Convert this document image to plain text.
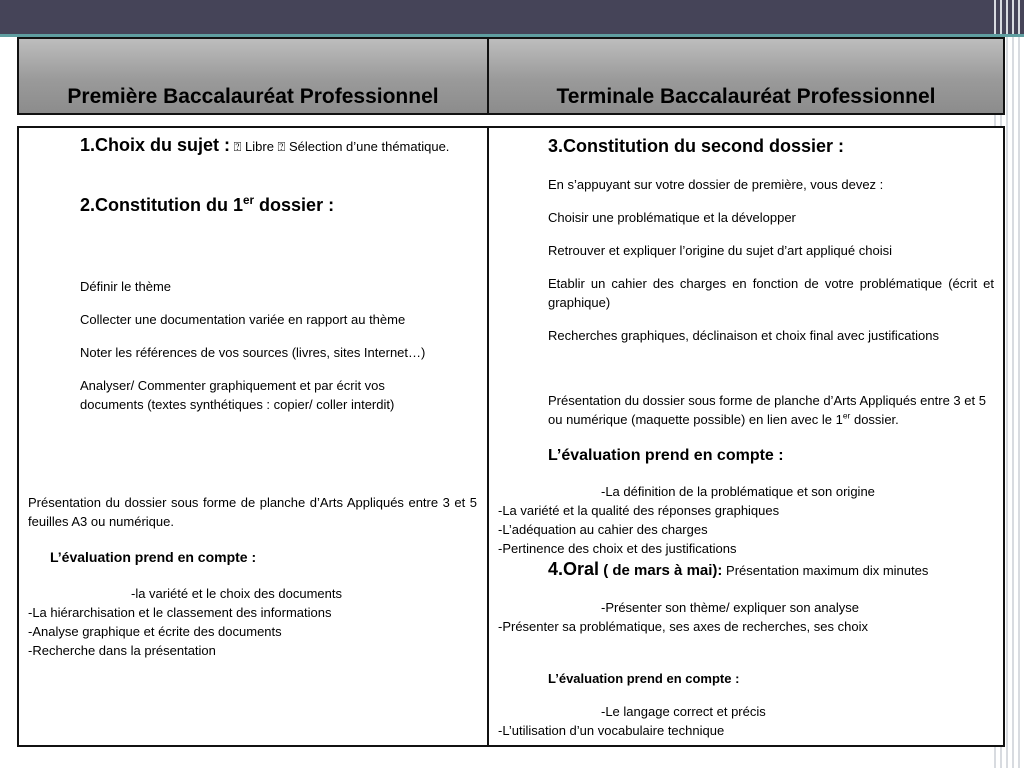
Première Baccalauréat Professionnel	Terminale Baccalauréat Professionnel
1.Choix du sujet : ⍰ Libre ⍰ Sélection d’une thématique.
2.Constitution du 1er dossier :
Définir le thème
Collecter une documentation variée en rapport au thème
Noter les références de vos sources (livres, sites Internet…)
Analyser/ Commenter graphiquement et par écrit vos documents (textes synthétiques : copier/ coller interdit)
Présentation du dossier sous forme de planche d’Arts Appliqués entre 3 et 5 feuilles A3 ou numérique.
L’évaluation prend en compte :
-la variété et le choix des documents
-La hiérarchisation et le classement des informations
-Analyse graphique et écrite des documents
-Recherche dans la présentation
3.Constitution du second dossier :
En s’appuyant sur votre dossier de première, vous devez :
Choisir une problématique et la développer
Retrouver et expliquer l’origine du sujet d’art appliqué choisi
Etablir un cahier des charges en fonction de votre problématique (écrit et graphique)
Recherches graphiques, déclinaison et choix final avec justifications
Présentation du dossier sous forme de planche d’Arts Appliqués entre 3 et 5 ou numérique (maquette possible) en lien avec le 1er dossier.
L’évaluation prend en compte :
-La définition de la problématique et son origine
-La variété et la qualité des réponses graphiques
-L’adéquation au cahier des charges
-Pertinence des choix et des justifications
4.Oral ( de mars à mai): Présentation maximum dix minutes
-Présenter son thème/ expliquer son analyse
-Présenter sa problématique, ses axes de recherches, ses choix
L’évaluation prend en compte :
-Le langage correct et précis
-L’utilisation d’un vocabulaire technique
